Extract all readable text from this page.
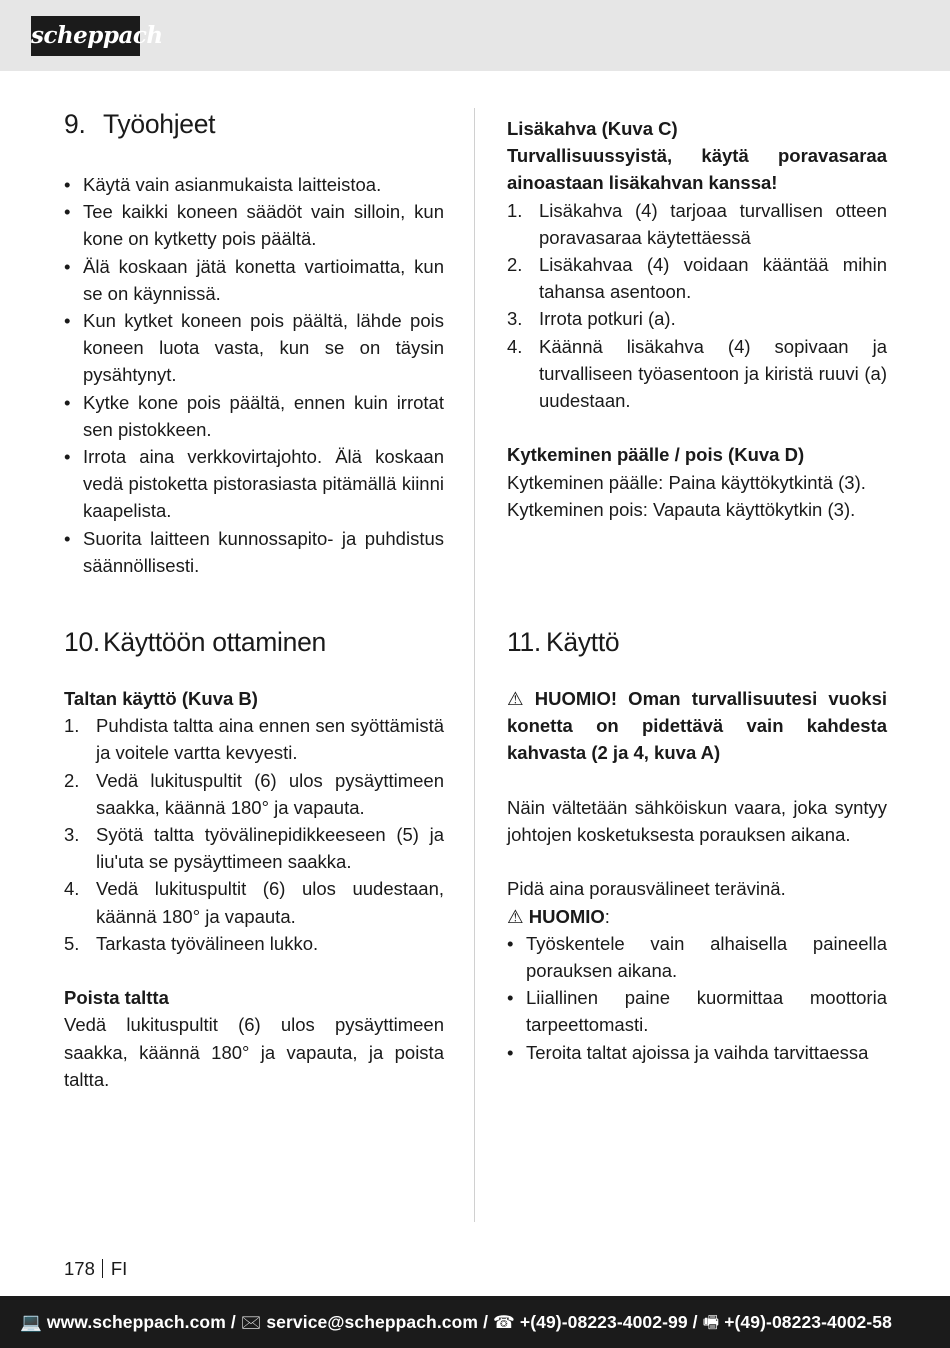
scheppach
9. Työohjeet
• Käytä vain asianmukaista laitteistoa.
• Tee kaikki koneen säädöt vain silloin, kun kone on kytketty pois päältä.
• Älä koskaan jätä konetta vartioimatta, kun se on käynnissä.
• Kun kytket koneen pois päältä, lähde pois koneen luota vasta, kun se on täysin pysähtynyt.
• Kytke kone pois päältä, ennen kuin irrotat sen pistokkeen.
• Irrota aina verkkovirtajohto. Älä koskaan vedä pistoketta pistorasiasta pitämällä kiinni kaapelista.
• Suorita laitteen kunnossapito- ja puhdistus säännöllisesti.
Lisäkahva (Kuva C)

Turvallisuussyistä, käytä poravasaraa ainoastaan lisäkahvan kanssa!

1. Lisäkahva (4) tarjoaa turvallisen otteen poravasaraa käytettäessä
2. Lisäkahvaa (4) voidaan kääntää mihin tahansa asentoon.
3. Irrota potkuri (a).
4. Käännä lisäkahva (4) sopivaan ja turvalliseen työasentoon ja kiristä ruuvi (a) uudestaan.
Kytkeminen päälle / pois (Kuva D)

Kytkeminen päälle: Paina käyttökytkintä (3).

Kytkeminen pois: Vapauta käyttökytkin (3).

10. Käyttöön ottaminen
Taltan käyttö (Kuva B)
1. Puhdista taltta aina ennen sen syöttämistä ja voitele vartta kevyesti.
2. Vedä lukituspultit (6) ulos pysäyttimeen saakka, käännä 180° ja vapauta.
3. Syötä taltta työvälinepidikkeeseen (5) ja liu'uta se pysäyttimeen saakka.
4. Vedä lukituspultit (6) ulos uudestaan, käännä 180° ja vapauta.
5. Tarkasta työvälineen lukko.
Poista taltta

Vedä lukituspultit (6) ulos pysäyttimeen saakka, käännä 180° ja vapauta, ja poista taltta.

11. Käyttö

⚠ HUOMIO! Oman turvallisuutesi vuoksi konetta on pidettävä vain kahdesta kahvasta (2 ja 4, kuva A)

Näin vältetään sähköiskun vaara, joka syntyy johtojen kosketuksesta porauksen aikana.

Pidä aina porausvälineet terävinä.

⚠ HUOMIO:
• Työskentele vain alhaisella paineella porauksen aikana.
• Liiallinen paine kuormittaa moottoria tarpeettomasti.
• Teroita taltat ajoissa ja vaihda tarvittaessa
178 FI
💻 www.scheppach.com / 🖂 service@scheppach.com / ☎ +(49)-08223-4002-99 / 🖷 +(49)-08223-4002-58
